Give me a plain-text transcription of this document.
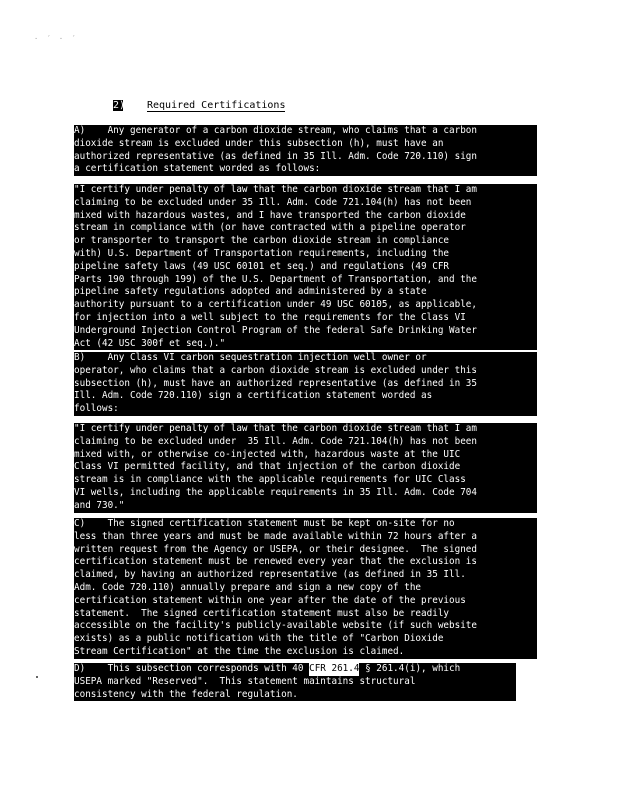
· ´ · ´
2) Required Certifications
A)    Any generator of a carbon dioxide stream, who claims that a carbon
dioxide stream is excluded under this subsection (h), must have an
authorized representative (as defined in 35 Ill. Adm. Code 720.110) sign
a certification statement worded as follows:
"I certify under penalty of law that the carbon dioxide stream that I am
claiming to be excluded under 35 Ill. Adm. Code 721.104(h) has not been
mixed with hazardous wastes, and I have transported the carbon dioxide
stream in compliance with (or have contracted with a pipeline operator
or transporter to transport the carbon dioxide stream in compliance
with) U.S. Department of Transportation requirements, including the
pipeline safety laws (49 USC 60101 et seq.) and regulations (49 CFR
Parts 190 through 199) of the U.S. Department of Transportation, and the
pipeline safety regulations adopted and administered by a state
authority pursuant to a certification under 49 USC 60105, as applicable,
for injection into a well subject to the requirements for the Class VI
Underground Injection Control Program of the federal Safe Drinking Water
Act (42 USC 300f et seq.)."
B)    Any Class VI carbon sequestration injection well owner or
operator, who claims that a carbon dioxide stream is excluded under this
subsection (h), must have an authorized representative (as defined in 35
Ill. Adm. Code 720.110) sign a certification statement worded as
follows:
"I certify under penalty of law that the carbon dioxide stream that I am
claiming to be excluded under  35 Ill. Adm. Code 721.104(h) has not been
mixed with, or otherwise co-injected with, hazardous waste at the UIC
Class VI permitted facility, and that injection of the carbon dioxide
stream is in compliance with the applicable requirements for UIC Class
VI wells, including the applicable requirements in 35 Ill. Adm. Code 704
and 730."
C)    The signed certification statement must be kept on-site for no
less than three years and must be made available within 72 hours after a
written request from the Agency or USEPA, or their designee.  The signed
certification statement must be renewed every year that the exclusion is
claimed, by having an authorized representative (as defined in 35 Ill.
Adm. Code 720.110) annually prepare and sign a new copy of the
certification statement within one year after the date of the previous
statement.  The signed certification statement must also be readily
accessible on the facility's publicly-available website (if such website
exists) as a public notification with the title of "Carbon Dioxide
Stream Certification" at the time the exclusion is claimed.
D)    This subsection corresponds with 40 CFR 261.4 § 261.4(i), which
USEPA marked "Reserved".  This statement maintains structural
consistency with the federal regulation.
